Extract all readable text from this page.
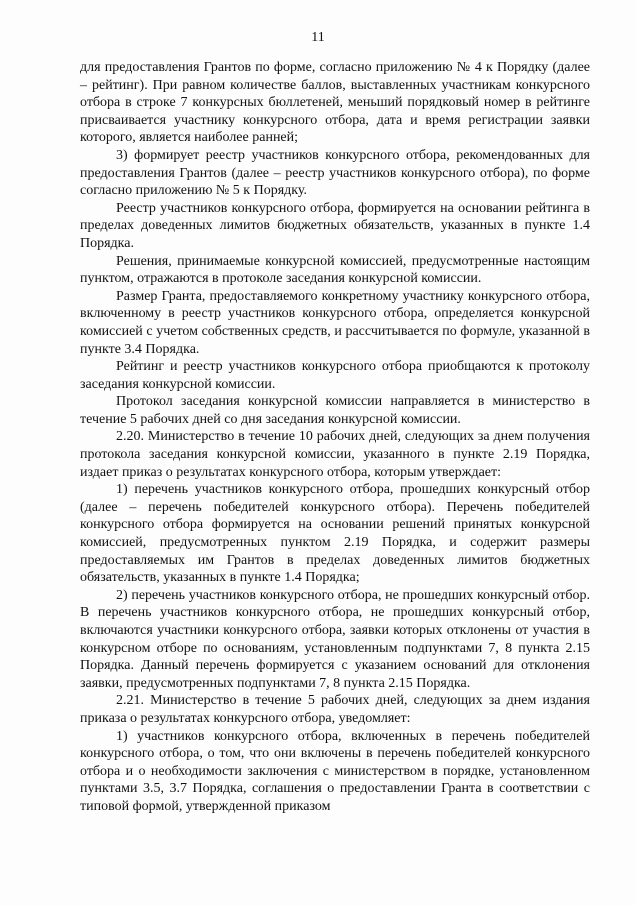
11

для предоставления Грантов по форме, согласно приложению № 4 к Порядку (далее – рейтинг). При равном количестве баллов, выставленных участникам конкурсного отбора в строке 7 конкурсных бюллетеней, меньший порядковый номер в рейтинге присваивается участнику конкурсного отбора, дата и время регистрации заявки которого, является наиболее ранней;

3) формирует реестр участников конкурсного отбора, рекомендованных для предоставления Грантов (далее – реестр участников конкурсного отбора), по форме согласно приложению № 5 к Порядку.

Реестр участников конкурсного отбора, формируется на основании рейтинга в пределах доведенных лимитов бюджетных обязательств, указанных в пункте 1.4 Порядка.

Решения, принимаемые конкурсной комиссией, предусмотренные настоящим пунктом, отражаются в протоколе заседания конкурсной комиссии.

Размер Гранта, предоставляемого конкретному участнику конкурсного отбора, включенному в реестр участников конкурсного отбора, определяется конкурсной комиссией с учетом собственных средств, и рассчитывается по формуле, указанной в пункте 3.4 Порядка.

Рейтинг и реестр участников конкурсного отбора приобщаются к протоколу заседания конкурсной комиссии.

Протокол заседания конкурсной комиссии направляется в министерство в течение 5 рабочих дней со дня заседания конкурсной комиссии.

2.20. Министерство в течение 10 рабочих дней, следующих за днем получения протокола заседания конкурсной комиссии, указанного в пункте 2.19 Порядка, издает приказ о результатах конкурсного отбора, которым утверждает:

1) перечень участников конкурсного отбора, прошедших конкурсный отбор (далее – перечень победителей конкурсного отбора). Перечень победителей конкурсного отбора формируется на основании решений принятых конкурсной комиссией, предусмотренных пунктом 2.19 Порядка, и содержит размеры предоставляемых им Грантов в пределах доведенных лимитов бюджетных обязательств, указанных в пункте 1.4 Порядка;

2) перечень участников конкурсного отбора, не прошедших конкурсный отбор. В перечень участников конкурсного отбора, не прошедших конкурсный отбор, включаются участники конкурсного отбора, заявки которых отклонены от участия в конкурсном отборе по основаниям, установленным подпунктами 7, 8 пункта 2.15 Порядка. Данный перечень формируется с указанием оснований для отклонения заявки, предусмотренных подпунктами 7, 8 пункта 2.15 Порядка.

2.21. Министерство в течение 5 рабочих дней, следующих за днем издания приказа о результатах конкурсного отбора, уведомляет:

1) участников конкурсного отбора, включенных в перечень победителей конкурсного отбора, о том, что они включены в перечень победителей конкурсного отбора и о необходимости заключения с министерством в порядке, установленном пунктами 3.5, 3.7 Порядка, соглашения о предоставлении Гранта в соответствии с типовой формой, утвержденной приказом
